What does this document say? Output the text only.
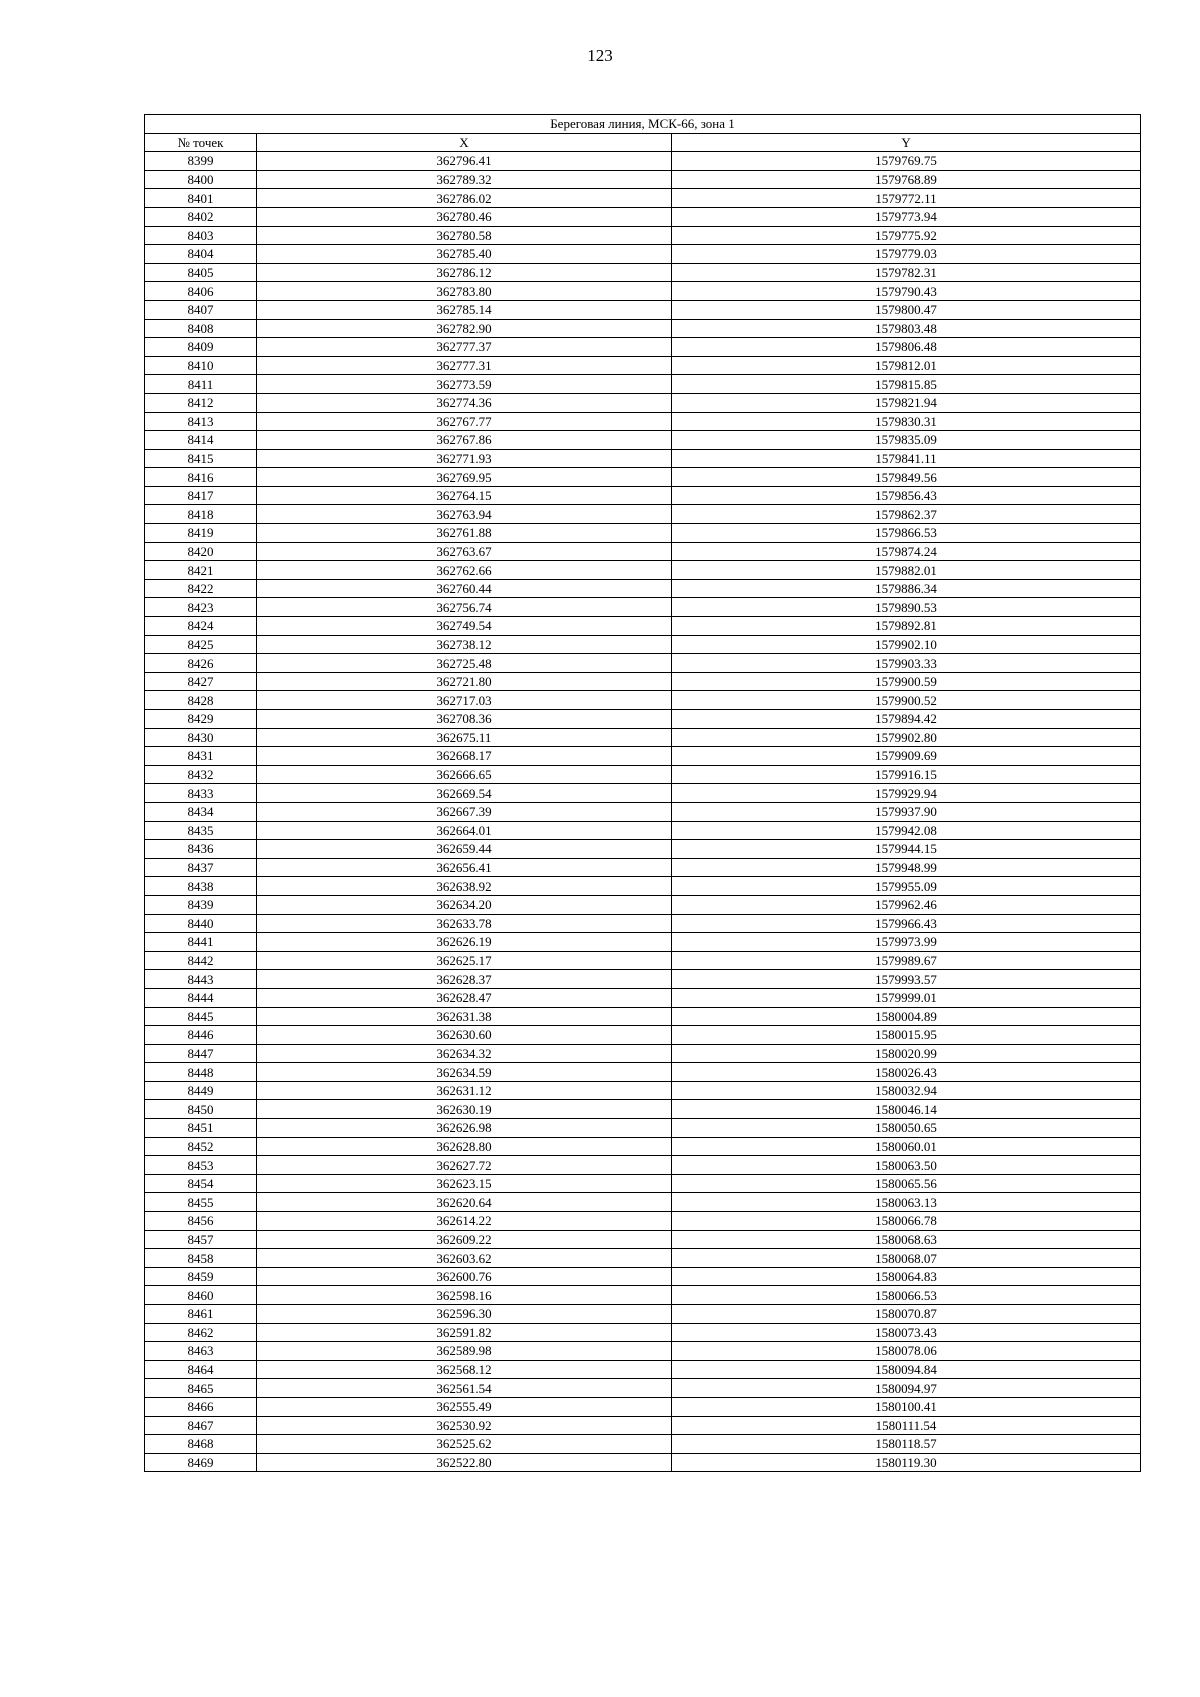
123
Береговая линия, МСК-66, зона 1		
№ точек	X	Y
8399	362796.41	1579769.75
8400	362789.32	1579768.89
8401	362786.02	1579772.11
8402	362780.46	1579773.94
8403	362780.58	1579775.92
8404	362785.40	1579779.03
8405	362786.12	1579782.31
8406	362783.80	1579790.43
8407	362785.14	1579800.47
8408	362782.90	1579803.48
8409	362777.37	1579806.48
8410	362777.31	1579812.01
8411	362773.59	1579815.85
8412	362774.36	1579821.94
8413	362767.77	1579830.31
8414	362767.86	1579835.09
8415	362771.93	1579841.11
8416	362769.95	1579849.56
8417	362764.15	1579856.43
8418	362763.94	1579862.37
8419	362761.88	1579866.53
8420	362763.67	1579874.24
8421	362762.66	1579882.01
8422	362760.44	1579886.34
8423	362756.74	1579890.53
8424	362749.54	1579892.81
8425	362738.12	1579902.10
8426	362725.48	1579903.33
8427	362721.80	1579900.59
8428	362717.03	1579900.52
8429	362708.36	1579894.42
8430	362675.11	1579902.80
8431	362668.17	1579909.69
8432	362666.65	1579916.15
8433	362669.54	1579929.94
8434	362667.39	1579937.90
8435	362664.01	1579942.08
8436	362659.44	1579944.15
8437	362656.41	1579948.99
8438	362638.92	1579955.09
8439	362634.20	1579962.46
8440	362633.78	1579966.43
8441	362626.19	1579973.99
8442	362625.17	1579989.67
8443	362628.37	1579993.57
8444	362628.47	1579999.01
8445	362631.38	1580004.89
8446	362630.60	1580015.95
8447	362634.32	1580020.99
8448	362634.59	1580026.43
8449	362631.12	1580032.94
8450	362630.19	1580046.14
8451	362626.98	1580050.65
8452	362628.80	1580060.01
8453	362627.72	1580063.50
8454	362623.15	1580065.56
8455	362620.64	1580063.13
8456	362614.22	1580066.78
8457	362609.22	1580068.63
8458	362603.62	1580068.07
8459	362600.76	1580064.83
8460	362598.16	1580066.53
8461	362596.30	1580070.87
8462	362591.82	1580073.43
8463	362589.98	1580078.06
8464	362568.12	1580094.84
8465	362561.54	1580094.97
8466	362555.49	1580100.41
8467	362530.92	1580111.54
8468	362525.62	1580118.57
8469	362522.80	1580119.30
